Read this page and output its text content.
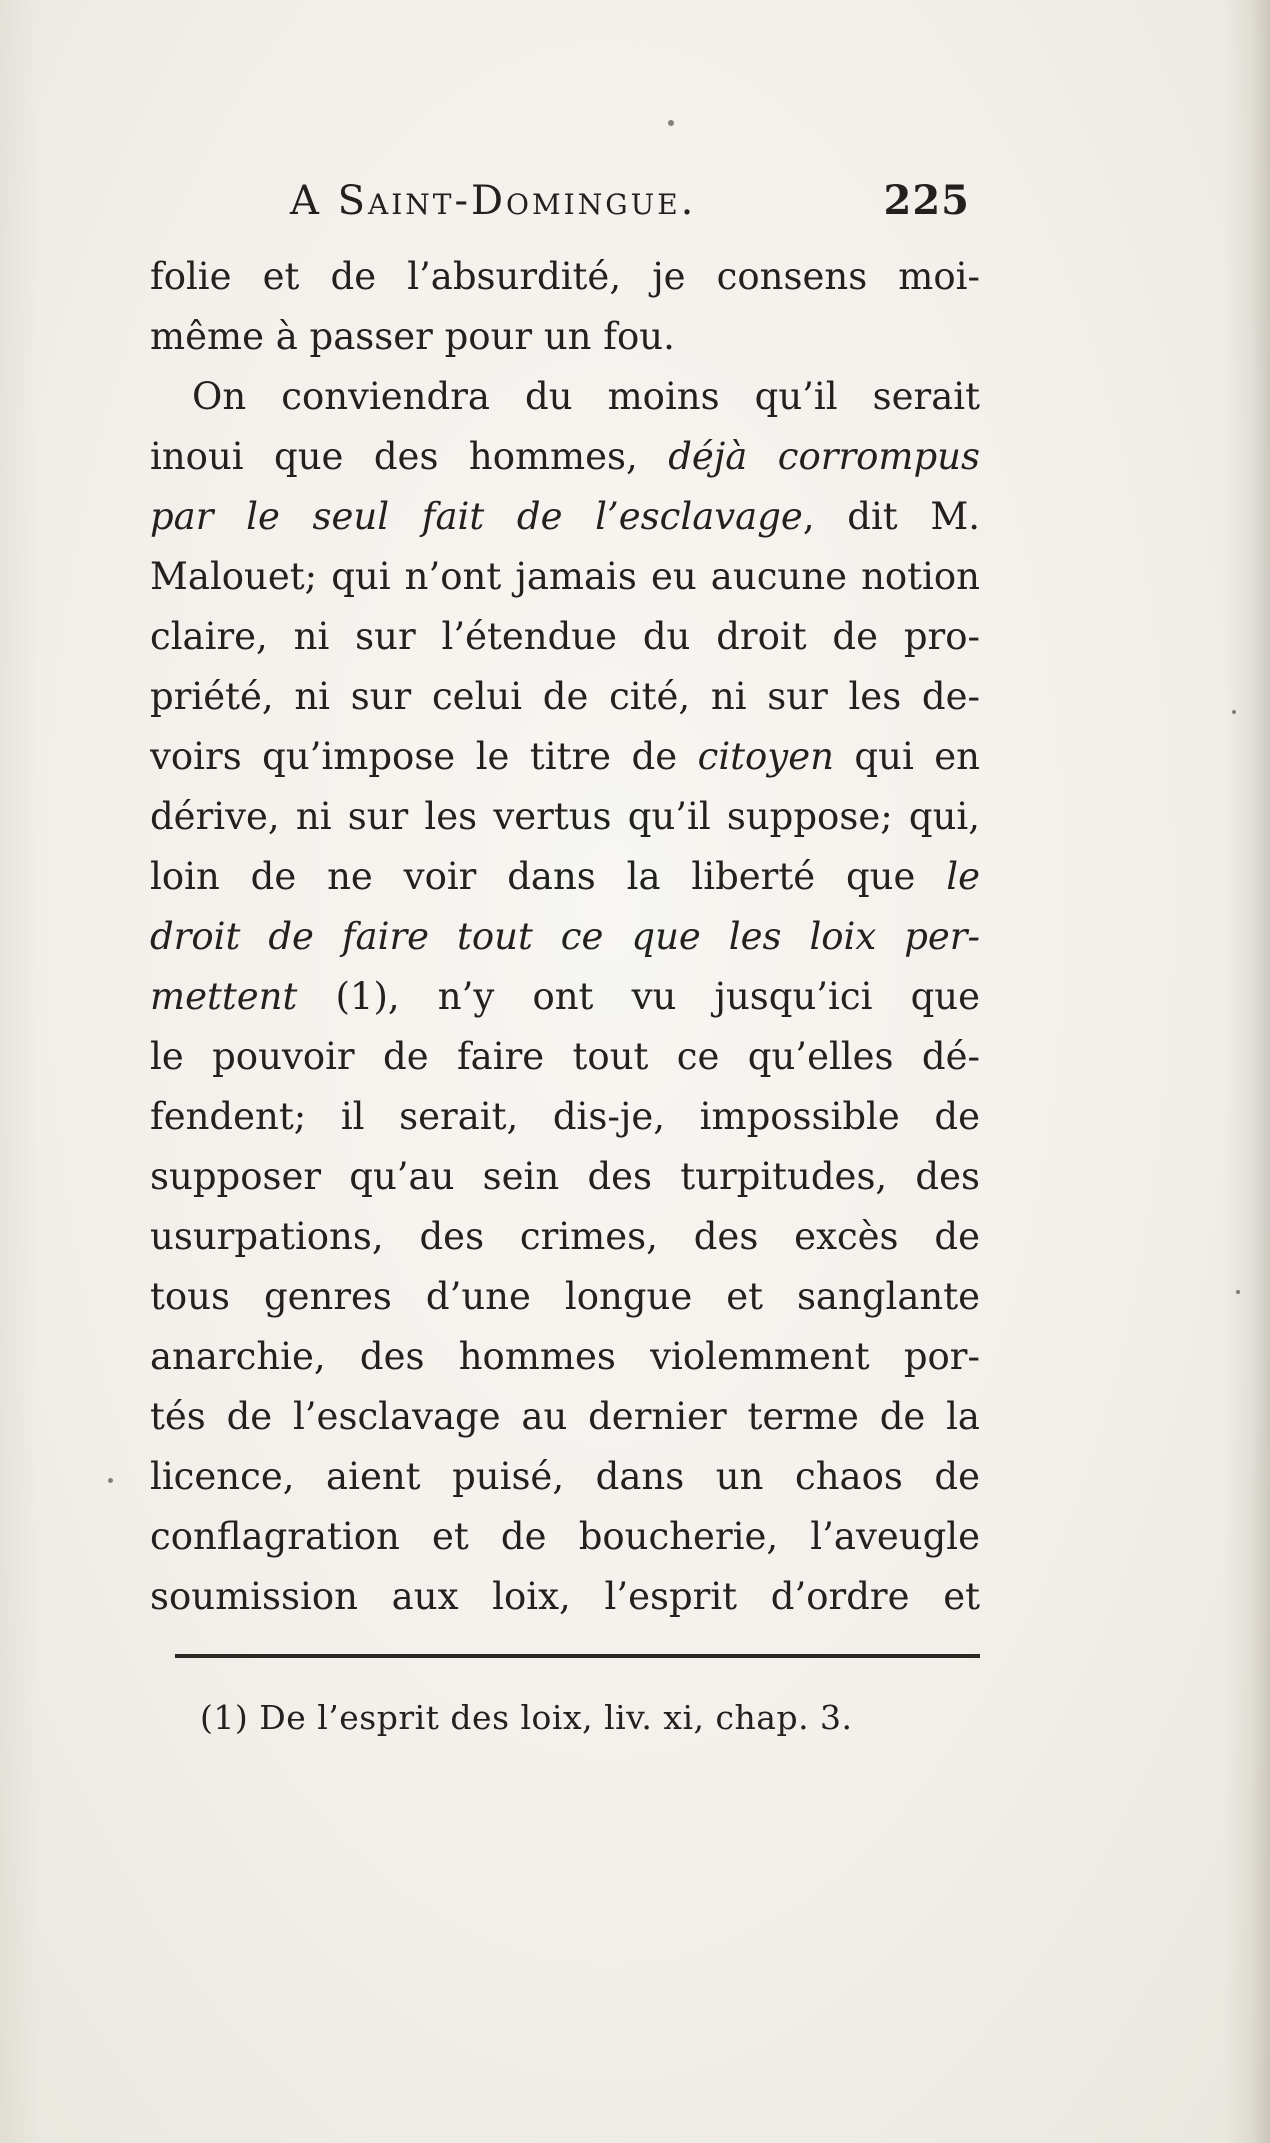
A Saint-Domingue.	225
folie et de l’absurdité, je consens moi-
même à passer pour un fou.
On conviendra du moins qu’il serait
inoui que des hommes, déjà corrompus
par le seul fait de l’esclavage, dit M.
Malouet; qui n’ont jamais eu aucune notion
claire, ni sur l’étendue du droit de pro-
priété, ni sur celui de cité, ni sur les de-
voirs qu’impose le titre de citoyen qui en
dérive, ni sur les vertus qu’il suppose; qui,
loin de ne voir dans la liberté que le
droit de faire tout ce que les loix per-
mettent (1), n’y ont vu jusqu’ici que
le pouvoir de faire tout ce qu’elles dé-
fendent; il serait, dis-je, impossible de
supposer qu’au sein des turpitudes, des
usurpations, des crimes, des excès de
tous genres d’une longue et sanglante
anarchie, des hommes violemment por-
tés de l’esclavage au dernier terme de la
licence, aient puisé, dans un chaos de
conflagration et de boucherie, l’aveugle
soumission aux loix, l’esprit d’ordre et
(1) De l’esprit des loix, liv. xi, chap. 3.
